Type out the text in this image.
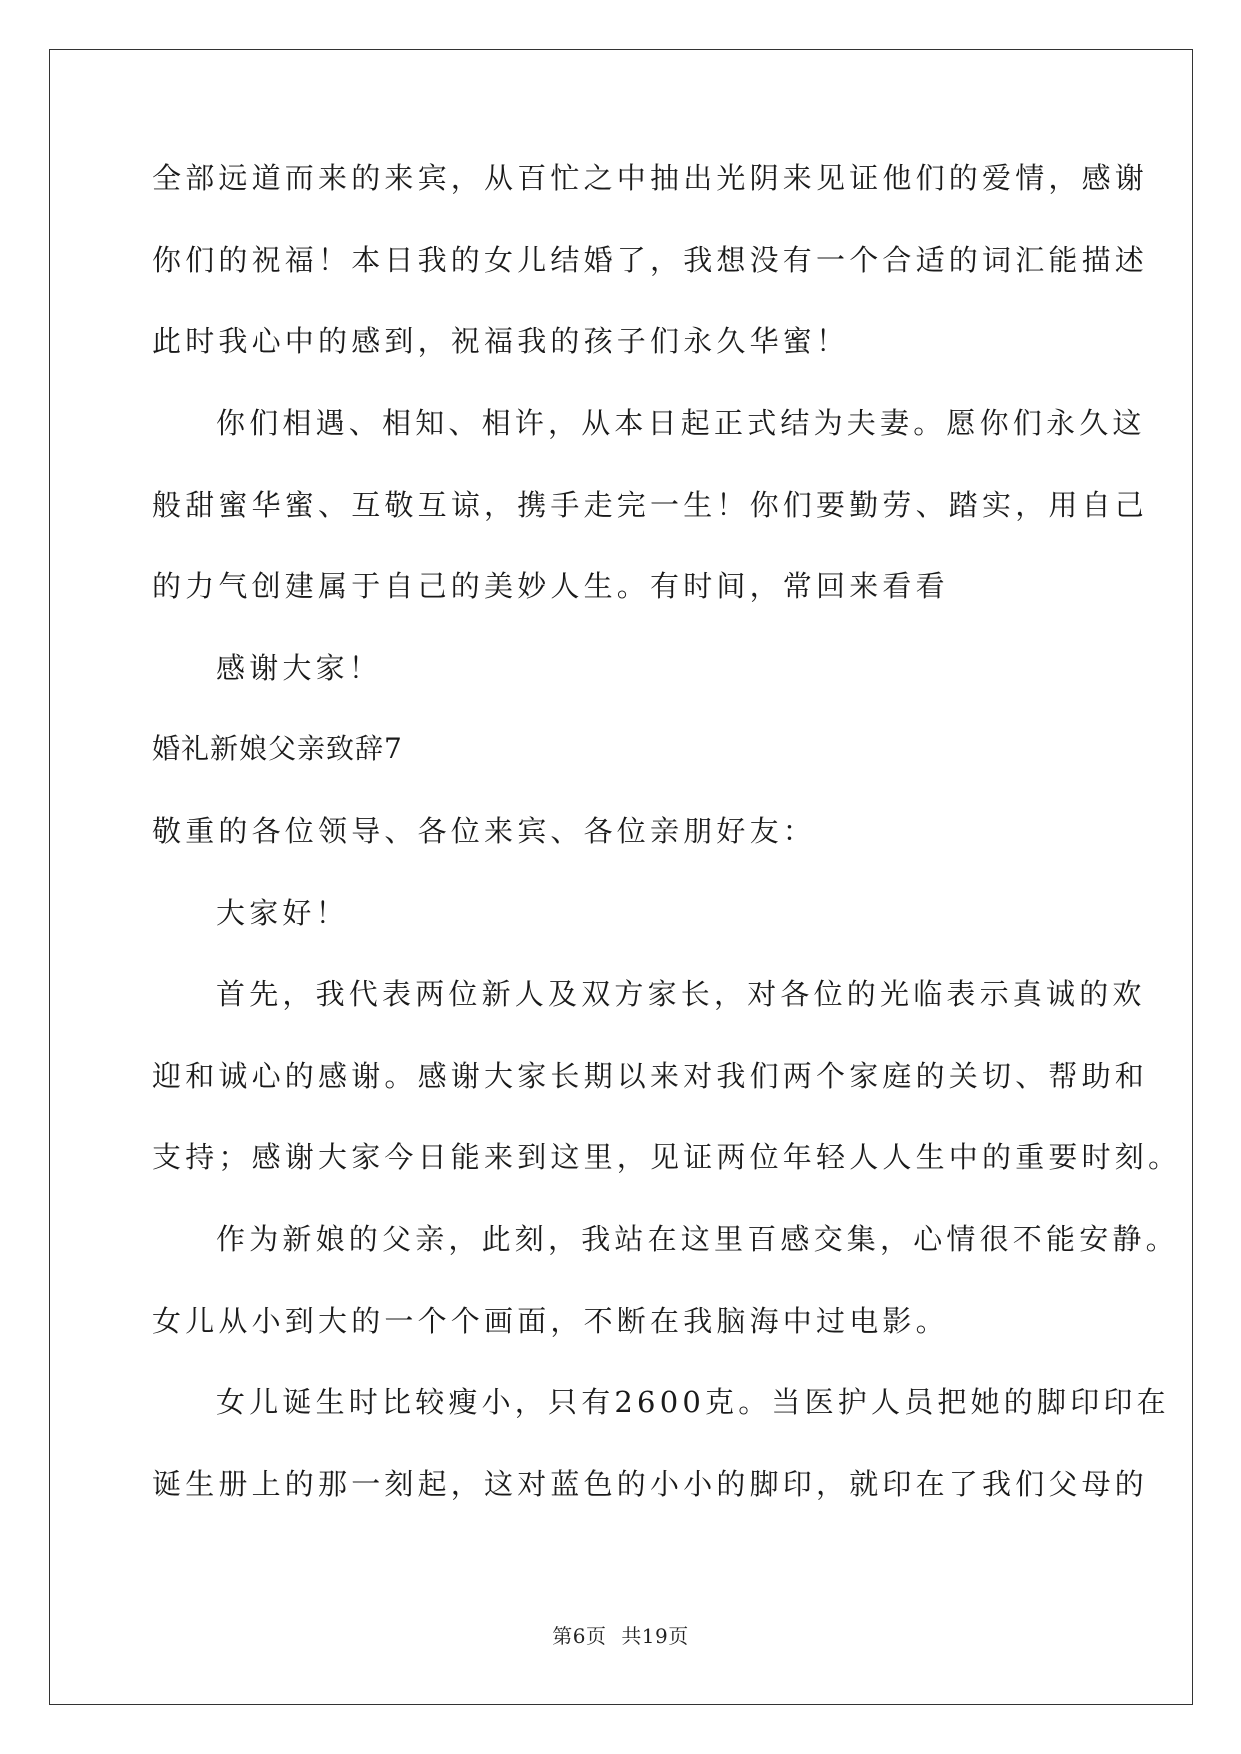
全部远道而来的来宾，从百忙之中抽出光阴来见证他们的爱情，感谢
你们的祝福！本日我的女儿结婚了，我想没有一个合适的词汇能描述
此时我心中的感到，祝福我的孩子们永久华蜜！
你们相遇、相知、相许，从本日起正式结为夫妻。愿你们永久这
般甜蜜华蜜、互敬互谅，携手走完一生！你们要勤劳、踏实，用自己
的力气创建属于自己的美妙人生。有时间，常回来看看
感谢大家！
婚礼新娘父亲致辞7
敬重的各位领导、各位来宾、各位亲朋好友：
大家好！
首先，我代表两位新人及双方家长，对各位的光临表示真诚的欢
迎和诚心的感谢。感谢大家长期以来对我们两个家庭的关切、帮助和
支持；感谢大家今日能来到这里，见证两位年轻人人生中的重要时刻。
作为新娘的父亲，此刻，我站在这里百感交集，心情很不能安静。
女儿从小到大的一个个画面，不断在我脑海中过电影。
女儿诞生时比较瘦小，只有2600克。当医护人员把她的脚印印在
诞生册上的那一刻起，这对蓝色的小小的脚印，就印在了我们父母的
第6页 共19页
